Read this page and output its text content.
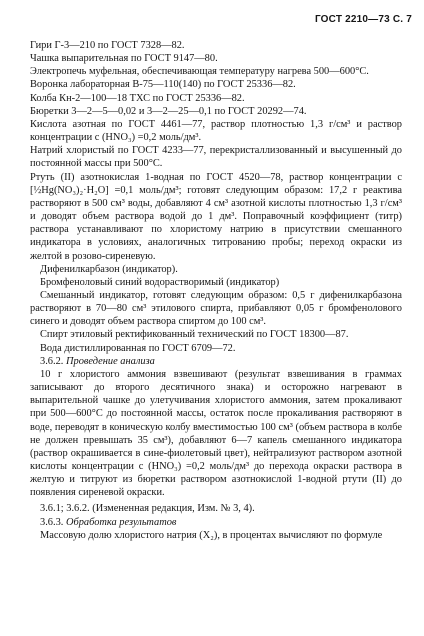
ГОСТ 2210—73 С. 7

Гири Г-3—210 по ГОСТ 7328—82.

Чашка выпарительная по ГОСТ 9147—80.

Электропечь муфельная, обеспечивающая температуру нагрева 500—600°С.

Воронка лабораторная В-75—110(140) по ГОСТ 25336—82.

Колба Кн-2—100—18 ТХС по ГОСТ 25336—82.

Бюретки 3—2—5—0,02 и 3—2—25—0,1 по ГОСТ 20292—74.

Кислота азотная по ГОСТ 4461—77, раствор плотностью 1,3 г/см³ и раствор концентрации с (HNO₃) =0,2 моль/дм³.

Натрий хлористый по ГОСТ 4233—77, перекристаллизованный и высушенный до постоянной массы при 500°С.

Ртуть (II) азотнокислая 1-водная по ГОСТ 4520—78, раствор концентрации с [½Hg(NO₃)₂·H₂O] =0,1 моль/дм³; готовят следующим образом: 17,2 г реактива растворяют в 500 см³ воды, добавляют 4 см³ азотной кислоты плотностью 1,3 г/см³ и доводят объем раствора водой до 1 дм³. Поправочный коэффициент (титр) раствора устанавливают по хлористому натрию в присутствии смешанного индикатора в условиях, аналогичных титрованию пробы; переход окраски из желтой в розово-сиреневую.

Дифенилкарбазон (индикатор).

Бромфеноловый синий водорастворимый (индикатор)

Смешанный индикатор, готовят следующим образом: 0,5 г дифенилкарбазона растворяют в 70—80 см³ этилового спирта, прибавляют 0,05 г бромфенолового синего и доводят объем раствора спиртом до 100 см³.

Спирт этиловый ректификованный технический по ГОСТ 18300—87.

Вода дистиллированная по ГОСТ 6709—72.

3.6.2. Проведение анализа

10 г хлористого аммония взвешивают (результат взвешивания в граммах записывают до второго десятичного знака) и осторожно нагревают в выпарительной чашке до улетучивания хлористого аммония, затем прокаливают при 500—600°С до постоянной массы, остаток после прокаливания растворяют в воде, переводят в коническую колбу вместимостью 100 см³ (объем раствора в колбе не должен превышать 35 см³), добавляют 6—7 капель смешанного индикатора (раствор окрашивается в сине-фиолетовый цвет), нейтрализуют раствором азотной кислоты концентрации с (HNO₃) =0,2 моль/дм³ до перехода окраски раствора в желтую и титруют из бюретки раствором азотнокислой 1-водной ртути (II) до появления сиреневой окраски.

3.6.1; 3.6.2. (Измененная редакция, Изм. № 3, 4).

3.6.3. Обработка результатов

Массовую долю хлористого натрия (X₂), в процентах вычисляют по формуле
